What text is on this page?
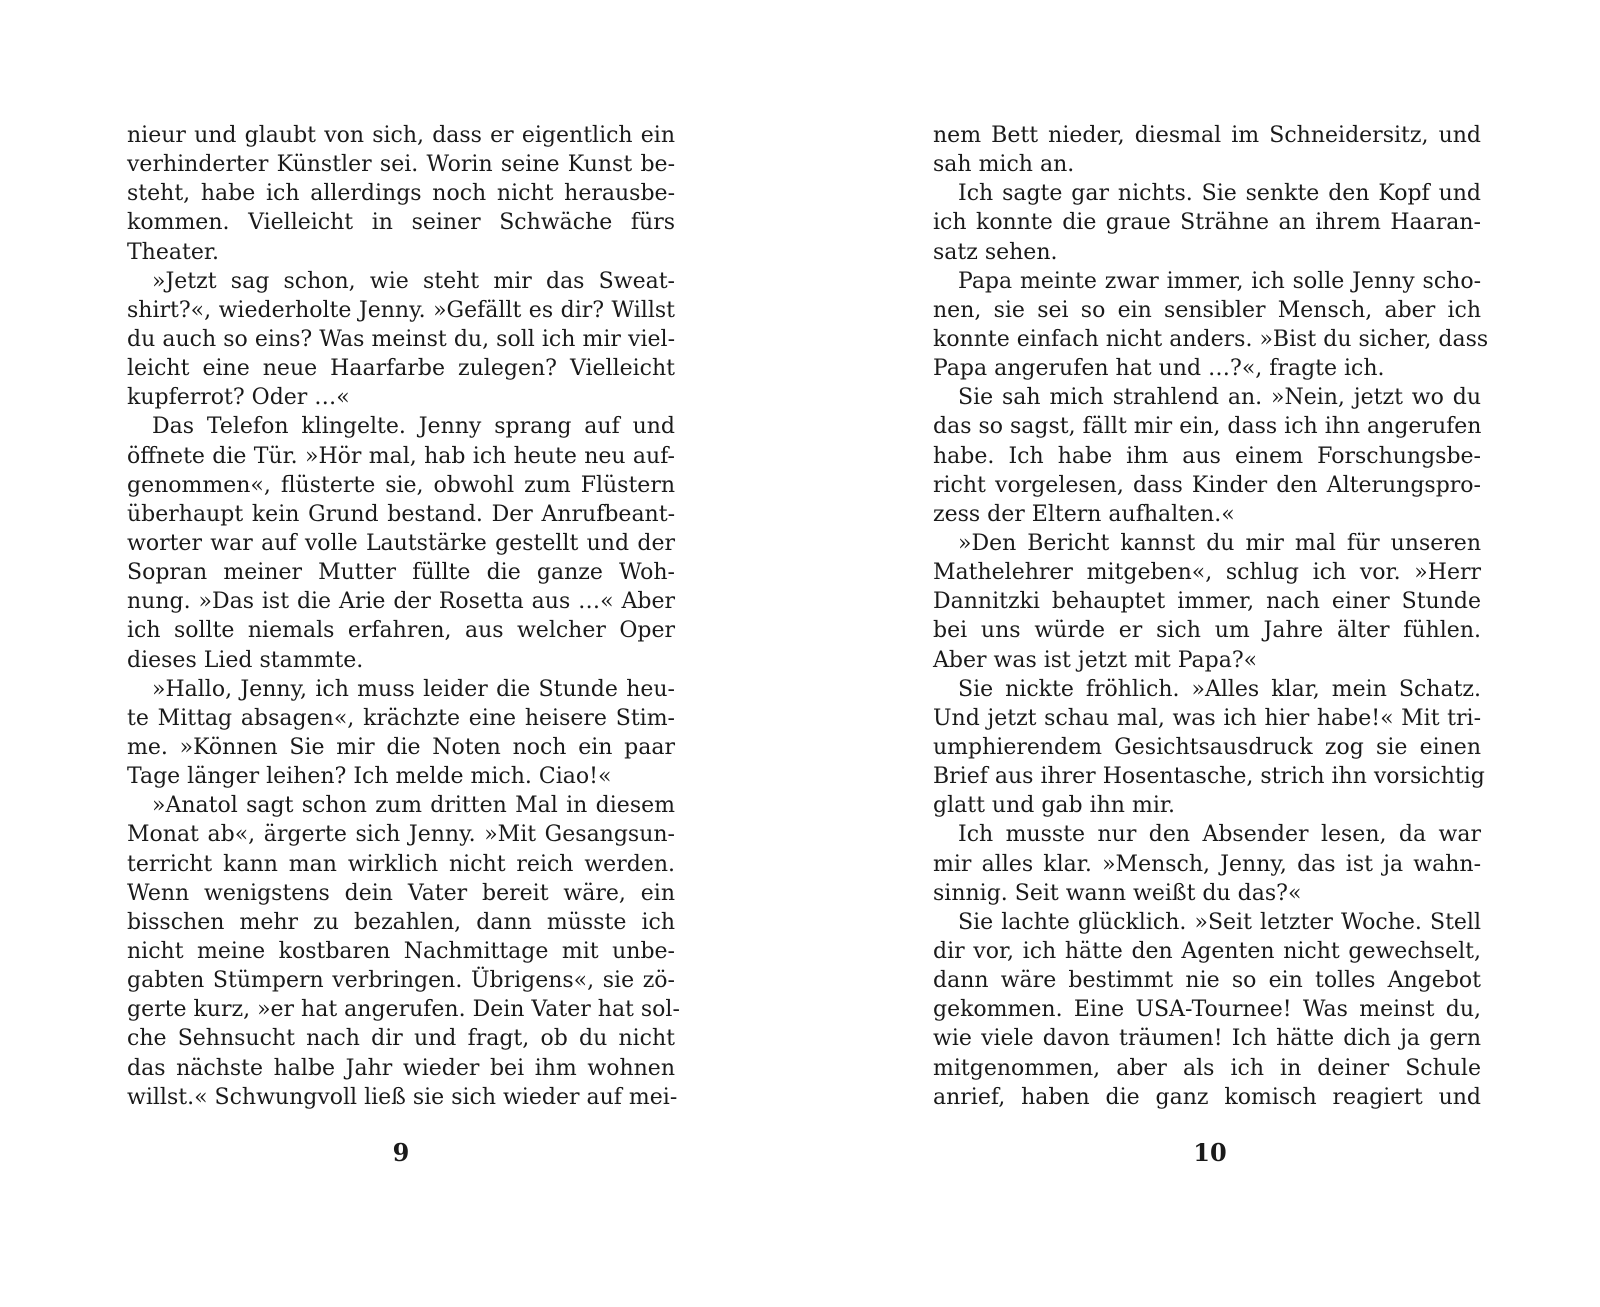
nieur und glaubt von sich, dass er eigentlich ein
verhinderter Künstler sei. Worin seine Kunst be-
steht, habe ich allerdings noch nicht herausbe-
kommen. Vielleicht in seiner Schwäche fürs
Theater.
»Jetzt sag schon, wie steht mir das Sweat-
shirt?«, wiederholte Jenny. »Gefällt es dir? Willst
du auch so eins? Was meinst du, soll ich mir viel-
leicht eine neue Haarfarbe zulegen? Vielleicht
kupferrot? Oder …«
Das Telefon klingelte. Jenny sprang auf und
öffnete die Tür. »Hör mal, hab ich heute neu auf-
genommen«, flüsterte sie, obwohl zum Flüstern
überhaupt kein Grund bestand. Der Anrufbeant-
worter war auf volle Lautstärke gestellt und der
Sopran meiner Mutter füllte die ganze Woh-
nung. »Das ist die Arie der Rosetta aus …« Aber
ich sollte niemals erfahren, aus welcher Oper
dieses Lied stammte.
»Hallo, Jenny, ich muss leider die Stunde heu-
te Mittag absagen«, krächzte eine heisere Stim-
me. »Können Sie mir die Noten noch ein paar
Tage länger leihen? Ich melde mich. Ciao!«
»Anatol sagt schon zum dritten Mal in diesem
Monat ab«, ärgerte sich Jenny. »Mit Gesangsun-
terricht kann man wirklich nicht reich werden.
Wenn wenigstens dein Vater bereit wäre, ein
bisschen mehr zu bezahlen, dann müsste ich
nicht meine kostbaren Nachmittage mit unbe-
gabten Stümpern verbringen. Übrigens«, sie zö-
gerte kurz, »er hat angerufen. Dein Vater hat sol-
che Sehnsucht nach dir und fragt, ob du nicht
das nächste halbe Jahr wieder bei ihm wohnen
willst.« Schwungvoll ließ sie sich wieder auf mei-
nem Bett nieder, diesmal im Schneidersitz, und
sah mich an.
Ich sagte gar nichts. Sie senkte den Kopf und
ich konnte die graue Strähne an ihrem Haaran-
satz sehen.
Papa meinte zwar immer, ich solle Jenny scho-
nen, sie sei so ein sensibler Mensch, aber ich
konnte einfach nicht anders. »Bist du sicher, dass
Papa angerufen hat und …?«, fragte ich.
Sie sah mich strahlend an. »Nein, jetzt wo du
das so sagst, fällt mir ein, dass ich ihn angerufen
habe. Ich habe ihm aus einem Forschungsbe-
richt vorgelesen, dass Kinder den Alterungspro-
zess der Eltern aufhalten.«
»Den Bericht kannst du mir mal für unseren
Mathelehrer mitgeben«, schlug ich vor. »Herr
Dannitzki behauptet immer, nach einer Stunde
bei uns würde er sich um Jahre älter fühlen.
Aber was ist jetzt mit Papa?«
Sie nickte fröhlich. »Alles klar, mein Schatz.
Und jetzt schau mal, was ich hier habe!« Mit tri-
umphierendem Gesichtsausdruck zog sie einen
Brief aus ihrer Hosentasche, strich ihn vorsichtig
glatt und gab ihn mir.
Ich musste nur den Absender lesen, da war
mir alles klar. »Mensch, Jenny, das ist ja wahn-
sinnig. Seit wann weißt du das?«
Sie lachte glücklich. »Seit letzter Woche. Stell
dir vor, ich hätte den Agenten nicht gewechselt,
dann wäre bestimmt nie so ein tolles Angebot
gekommen. Eine USA-Tournee! Was meinst du,
wie viele davon träumen! Ich hätte dich ja gern
mitgenommen, aber als ich in deiner Schule
anrief, haben die ganz komisch reagiert und
9	10
